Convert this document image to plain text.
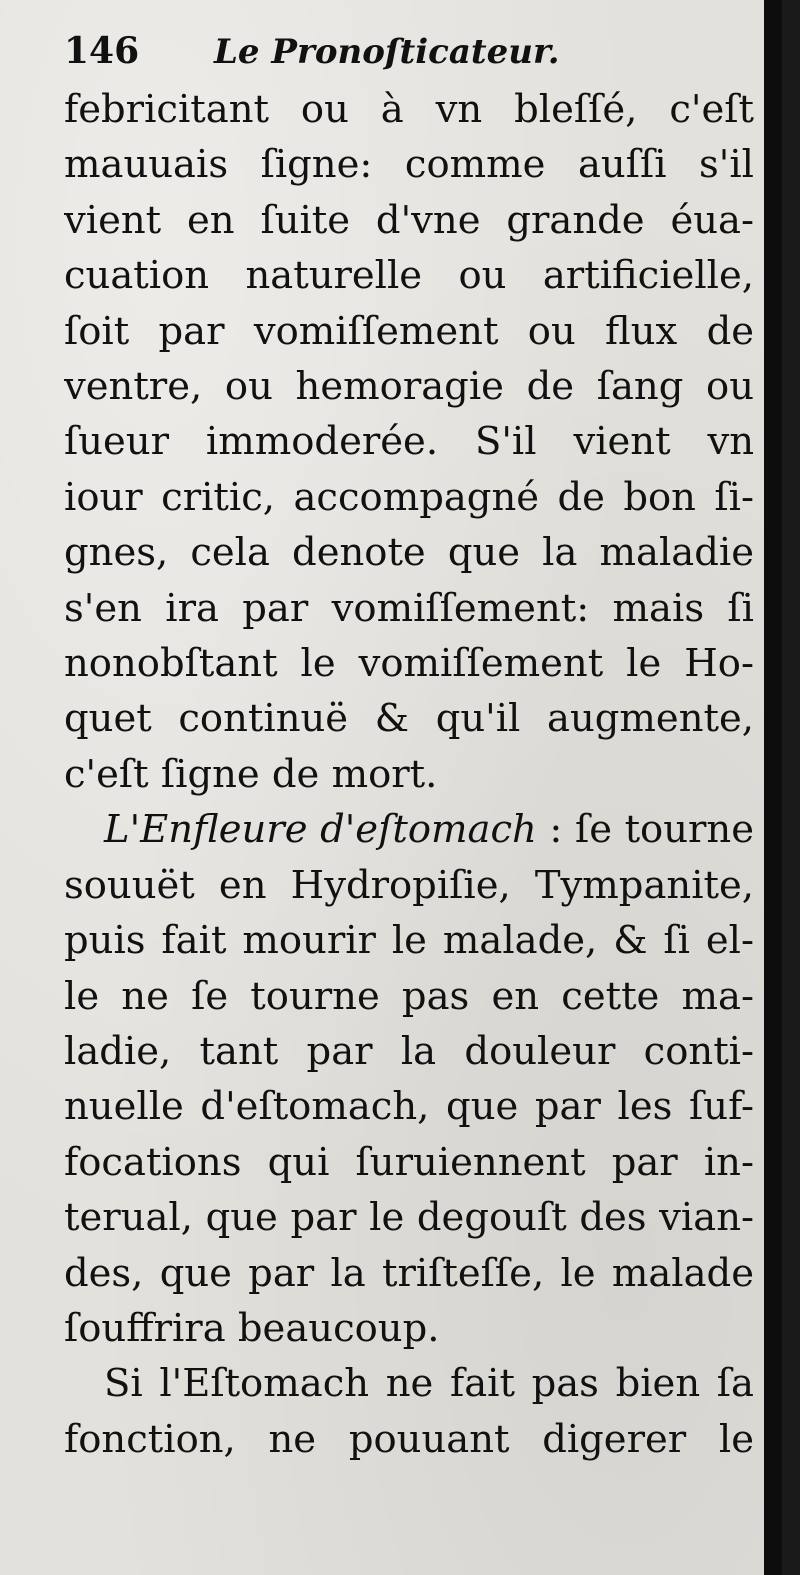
146	Le Pronoſticateur.
febricitant ou à vn bleſſé, c'eſt
mauuais ſigne: comme auſſi s'il
vient en ſuite d'vne grande éua-
cuation naturelle ou artificielle,
ſoit par vomiſſement ou flux de
ventre, ou hemoragie de ſang ou
ſueur immoderée. S'il vient vn
iour critic, accompagné de bon ſi-
gnes, cela denote que la maladie
s'en ira par vomiſſement: mais ſi
nonobſtant le vomiſſement le Ho-
quet continuë & qu'il augmente,
c'eſt ſigne de mort.
L'Enfleure d'eſtomach : ſe tourne
souuët en Hydropiſie, Tympanite,
puis fait mourir le malade, & ſi el-
le ne ſe tourne pas en cette ma-
ladie, tant par la douleur conti-
nuelle d'eſtomach, que par les ſuf-
focations qui ſuruiennent par in-
terual, que par le degouſt des vian-
des, que par la triſteſſe, le malade
ſouffrira beaucoup.
Si l'Eſtomach ne fait pas bien ſa
fonction, ne pouuant digerer le
